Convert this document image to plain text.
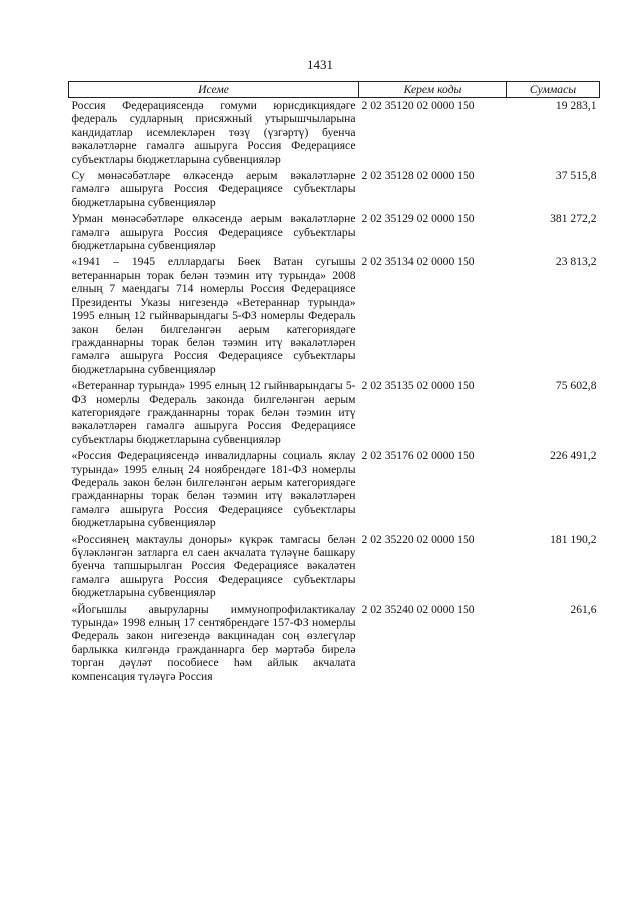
1431
Исеме	Керем коды	Суммасы
Россия Федерациясендә гомуми юрисдикциядәге федераль судларның присяжный утырышчыларына кандидатлар исемлекләрен төзү (үзгәртү) буенча вәкаләтләрне гамәлгә ашыруга Россия Федерациясе субъектлары бюджетларына субвенцияләр	2 02 35120 02 0000 150	19 283,1
Су мөнәсәбәтләре өлкәсендә аерым вәкаләтләрне гамәлгә ашыруга Россия Федерациясе субъектлары бюджетларына субвенцияләр	2 02 35128 02 0000 150	37 515,8
Урман мөнәсәбәтләре өлкәсендә аерым вәкаләтләрне гамәлгә ашыруга Россия Федерациясе субъектлары бюджетларына субвенцияләр	2 02 35129 02 0000 150	381 272,2
«1941 – 1945 елллардагы Бөек Ватан сугышы ветераннарын торак белән тәэмин итү турында» 2008 елның 7 маендагы 714 номерлы Россия Федерациясе Президенты Указы нигезендә «Ветераннар турында» 1995 елның 12 гыйнварындагы 5-ФЗ номерлы Федераль закон белән билгеләнгән аерым категориядәге гражданнарны торак белән тәэмин итү вәкаләтләрен гамәлгә ашыруга Россия Федерациясе субъектлары бюджетларына субвенцияләр	2 02 35134 02 0000 150	23 813,2
«Ветераннар турында» 1995 елның 12 гыйнварындагы 5-ФЗ номерлы Федераль законда билгеләнгән аерым категориядәге гражданнарны торак белән тәэмин итү вәкаләтләрен гамәлгә ашыруга Россия Федерациясе субъектлары бюджетларына субвенцияләр	2 02 35135 02 0000 150	75 602,8
«Россия Федерациясендә инвалидларны социаль яклау турында» 1995 елның 24 ноябрендәге 181-ФЗ номерлы Федераль закон белән билгеләнгән аерым категориядәге гражданнарны торак белән тәэмин итү вәкаләтләрен гамәлгә ашыруга Россия Федерациясе субъектлары бюджетларына субвенцияләр	2 02 35176 02 0000 150	226 491,2
«Россиянең мактаулы доноры» күкрәк тамгасы белән бүләкләнгән затларга ел саен акчалата түләүне башкару буенча тапшырылган Россия Федерациясе вәкаләтен гамәлгә ашыруга Россия Федерациясе субъектлары бюджетларына субвенцияләр	2 02 35220 02 0000 150	181 190,2
«Йогышлы авыруларны иммунопрофилактикалау турында» 1998 елның 17 сентябрендәге 157-ФЗ номерлы Федераль закон нигезендә вакцинадан соң өзлегүләр барлыкка килгәндә гражданнарга бер мәртәбә бирелә торган дәүләт пособиесе һәм айлык акчалата компенсация түләүгә Россия	2 02 35240 02 0000 150	261,6
